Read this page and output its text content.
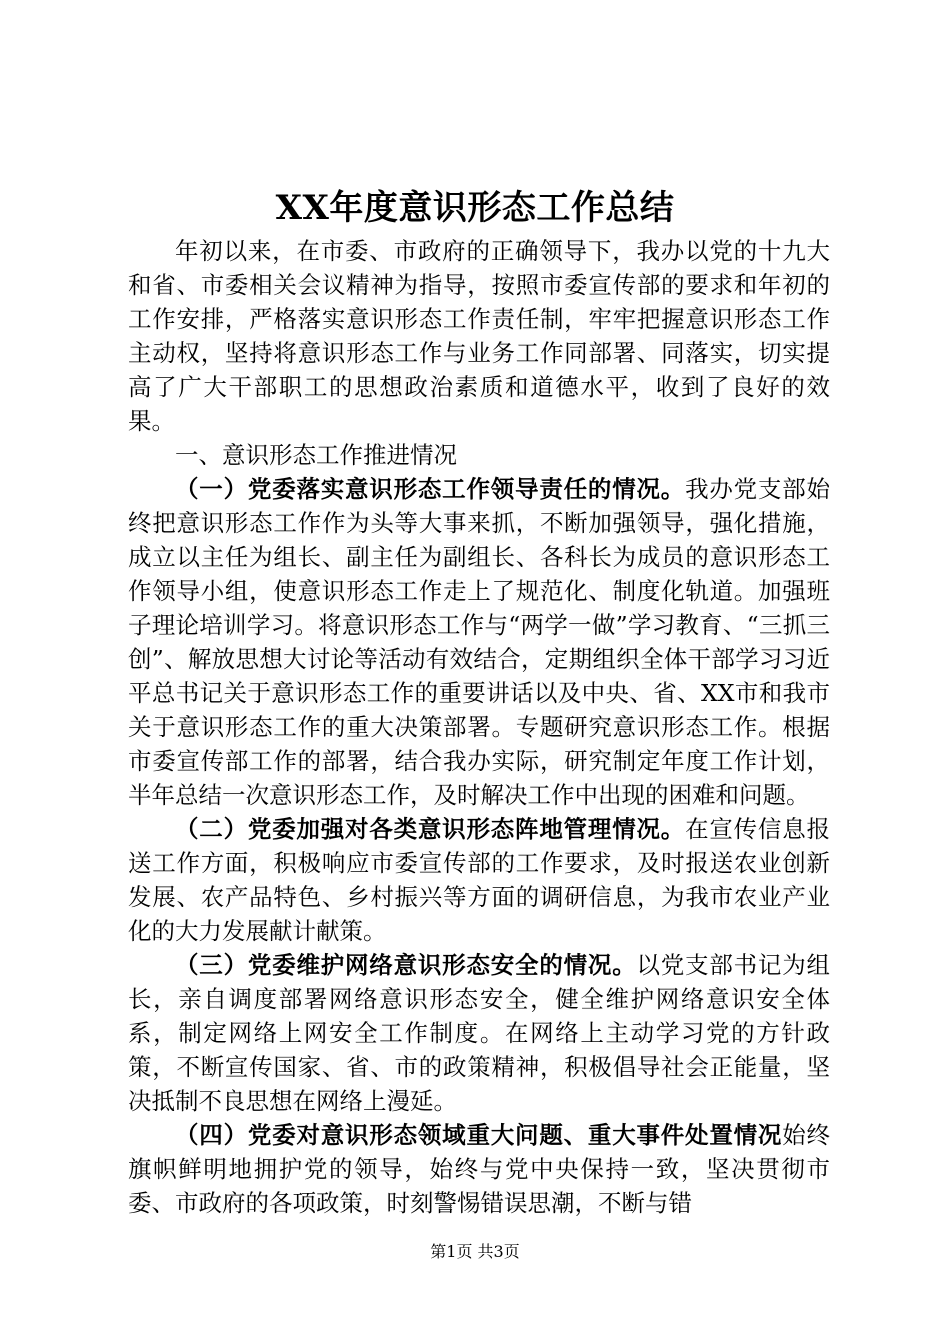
XX年度意识形态工作总结

年初以来，在市委、市政府的正确领导下，我办以党的十九大和省、市委相关会议精神为指导，按照市委宣传部的要求和年初的工作安排，严格落实意识形态工作责任制，牢牢把握意识形态工作主动权，坚持将意识形态工作与业务工作同部署、同落实，切实提高了广大干部职工的思想政治素质和道德水平，收到了良好的效果。

一、意识形态工作推进情况

（一）党委落实意识形态工作领导责任的情况。我办党支部始终把意识形态工作作为头等大事来抓，不断加强领导，强化措施，成立以主任为组长、副主任为副组长、各科长为成员的意识形态工作领导小组，使意识形态工作走上了规范化、制度化轨道。加强班子理论培训学习。将意识形态工作与“两学一做”学习教育、“三抓三创”、解放思想大讨论等活动有效结合，定期组织全体干部学习习近平总书记关于意识形态工作的重要讲话以及中央、省、XX市和我市关于意识形态工作的重大决策部署。专题研究意识形态工作。根据市委宣传部工作的部署，结合我办实际，研究制定年度工作计划，半年总结一次意识形态工作，及时解决工作中出现的困难和问题。

（二）党委加强对各类意识形态阵地管理情况。在宣传信息报送工作方面，积极响应市委宣传部的工作要求，及时报送农业创新发展、农产品特色、乡村振兴等方面的调研信息，为我市农业产业化的大力发展献计献策。

（三）党委维护网络意识形态安全的情况。以党支部书记为组长，亲自调度部署网络意识形态安全，健全维护网络意识安全体系，制定网络上网安全工作制度。在网络上主动学习党的方针政策，不断宣传国家、省、市的政策精神，积极倡导社会正能量，坚决抵制不良思想在网络上漫延。

（四）党委对意识形态领域重大问题、重大事件处置情况始终旗帜鲜明地拥护党的领导，始终与党中央保持一致，坚决贯彻市委、市政府的各项政策，时刻警惕错误思潮，不断与错

第1页 共3页
